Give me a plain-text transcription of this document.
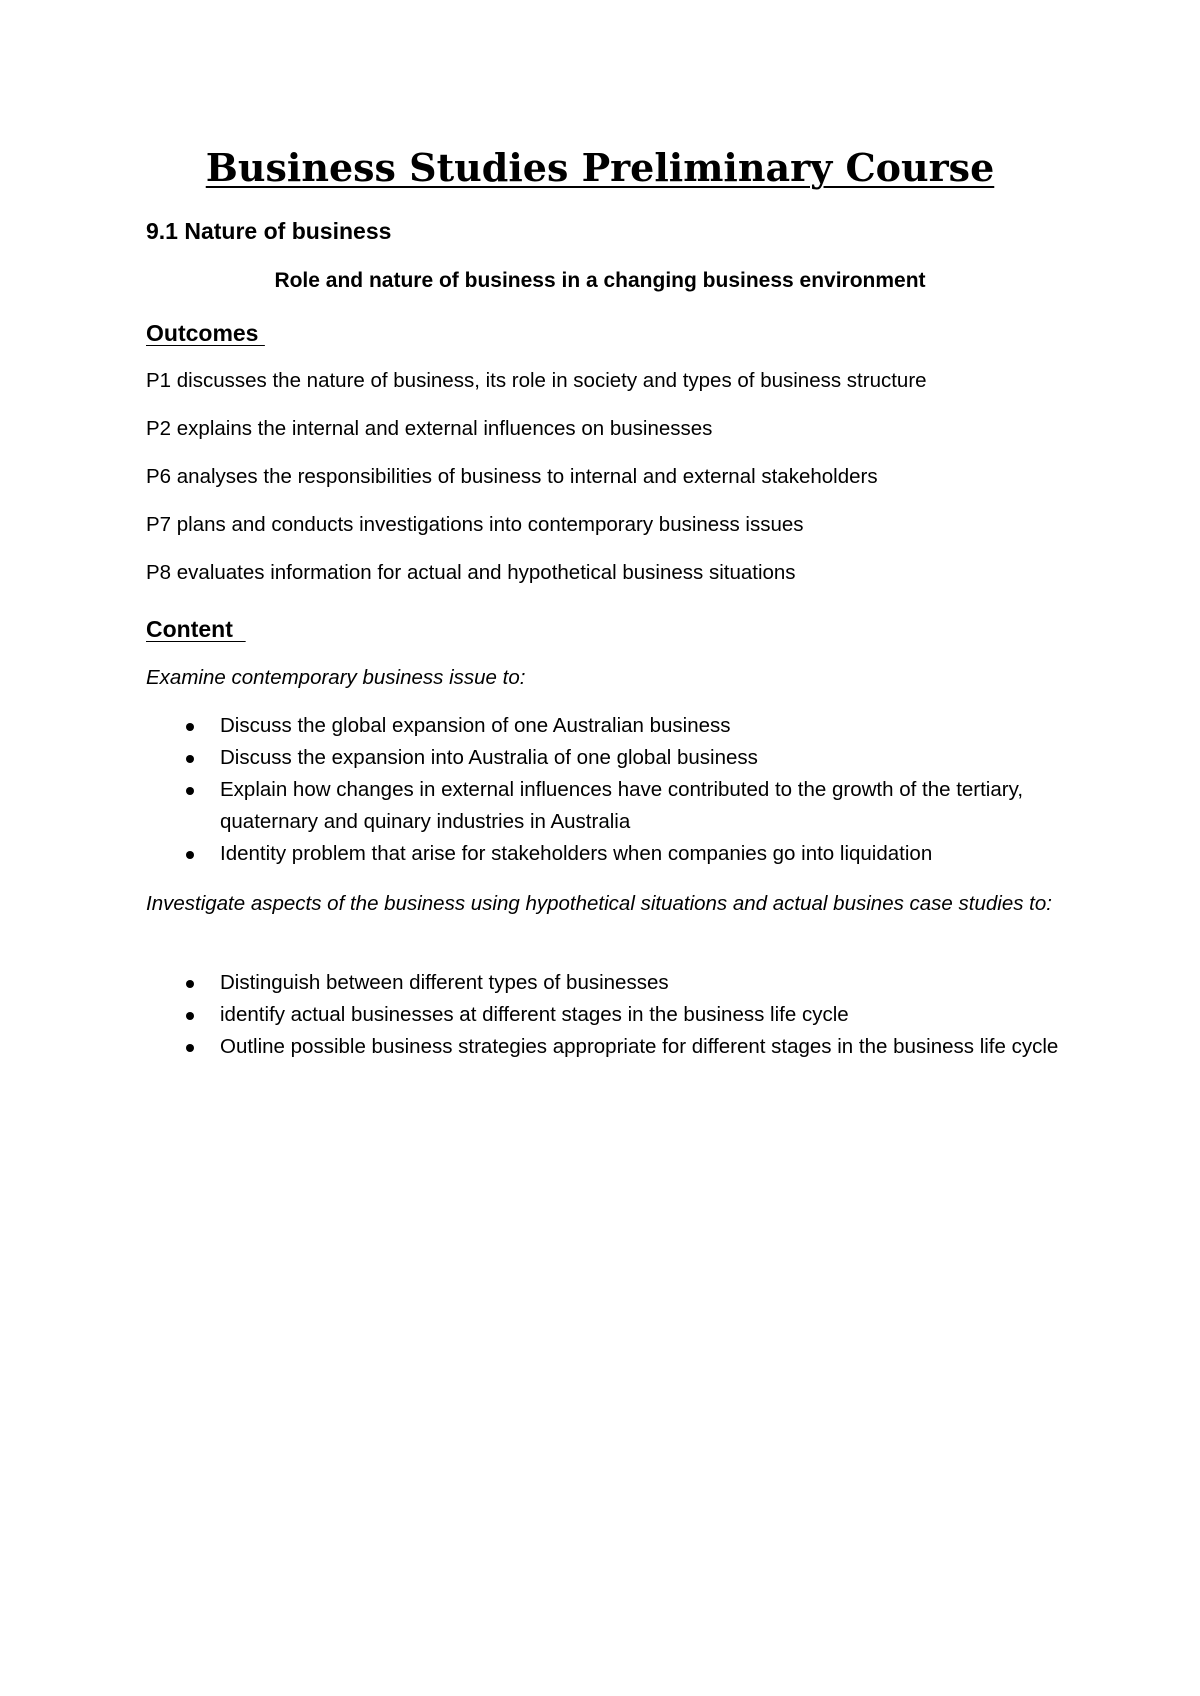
Business Studies Preliminary Course
9.1 Nature of business
Role and nature of business in a changing business environment
Outcomes

P1 discusses the nature of business, its role in society and types of business structure

P2 explains the internal and external influences on businesses

P6 analyses the responsibilities of business to internal and external stakeholders

P7 plans and conducts investigations into contemporary business issues

P8 evaluates information for actual and hypothetical business situations

Content

Examine contemporary business issue to:

Discuss the global expansion of one Australian business
Discuss the expansion into Australia of one global business
Explain how changes in external influences have contributed to the growth of the tertiary, quaternary and quinary industries in Australia
Identity problem that arise for stakeholders when companies go into liquidation

Investigate aspects of the business using hypothetical situations and actual busines case studies to:

Distinguish between different types of businesses
identify actual businesses at different stages in the business life cycle
Outline possible business strategies appropriate for different stages in the business life cycle
